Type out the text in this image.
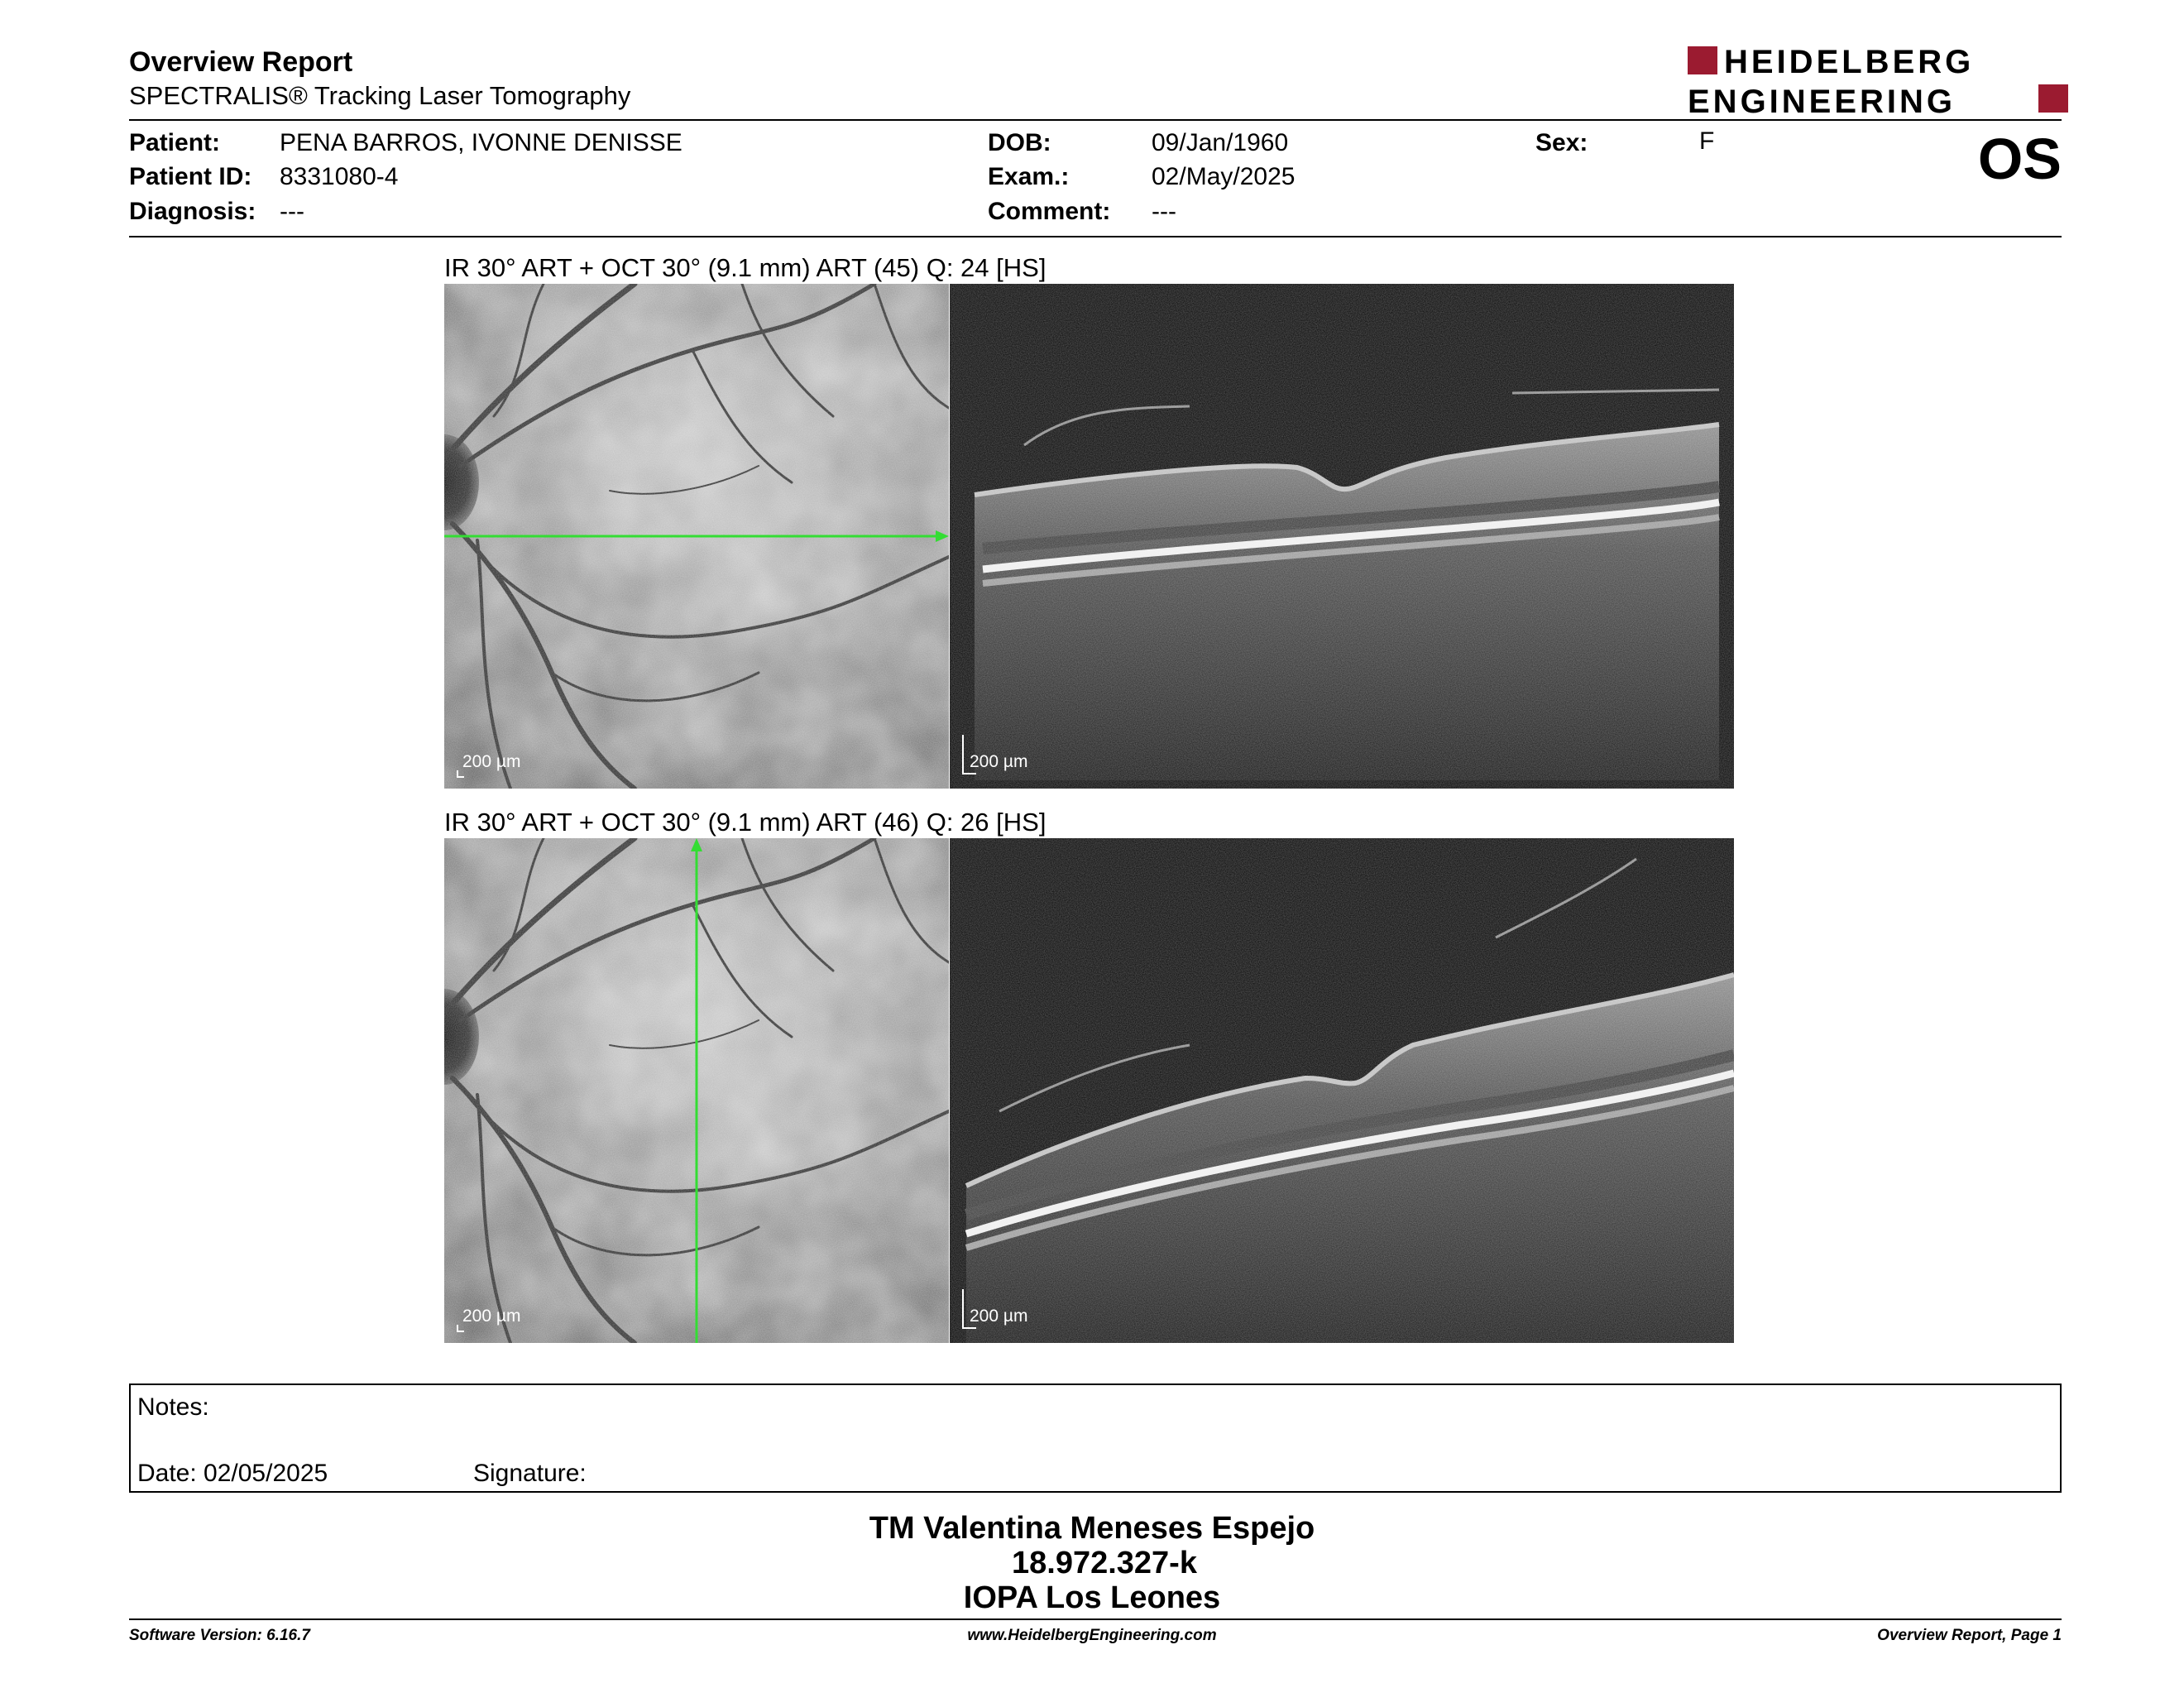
Overview Report
SPECTRALIS® Tracking Laser Tomography
HEIDELBERG
ENGINEERING
Patient: PENA BARROS, IVONNE DENISSE
Patient ID: 8331080-4
Diagnosis: ---
DOB:	09/Jan/1960
Exam.:	02/May/2025
Comment: ---
Sex:	F	OS
IR 30° ART + OCT 30° (9.1 mm) ART (45) Q: 24 [HS]
200 µm	200 µm
IR 30° ART + OCT 30° (9.1 mm) ART (46) Q: 26 [HS]
200 µm	200 µm
Notes:
Date: 02/05/2025	Signature:
TM Valentina Meneses Espejo
18.972.327-k
IOPA Los Leones
Software Version: 6.16.7	www.HeidelbergEngineering.com	Overview Report, Page 1
